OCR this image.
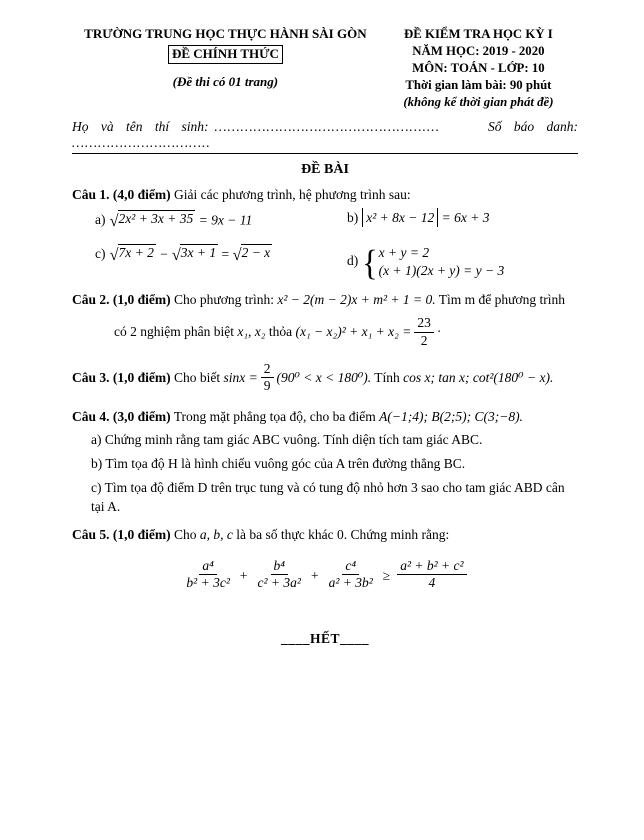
TRƯỜNG TRUNG HỌC THỰC HÀNH SÀI GÒN
ĐỀ CHÍNH THỨC
(Đề thi có 01 trang)
ĐỀ KIỂM TRA HỌC KỲ I
NĂM HỌC: 2019 - 2020
MÔN: TOÁN - LỚP: 10
Thời gian làm bài: 90 phút
(không kể thời gian phát đề)
Họ và tên thí sinh: …………………………………………....	Số báo danh:
…………………………..
ĐỀ BÀI
Câu 1. (4,0 điểm) Giải các phương trình, hệ phương trình sau:
a) √ 2x² + 3x + 35 = 9x − 11	b) x² + 8x − 12 = 6x + 3
c) √ 7x + 2 − √ 3x + 1 = √ 2 − x
d) { x + y = 2
(x + 1)(2x + y) = y − 3
Câu 2. (1,0 điểm) Cho phương trình: x² − 2(m − 2)x + m² + 1 = 0. Tìm m để phương trình
có 2 nghiệm phân biệt x₁, x₂ thỏa $(x_1 - x_2)^2 + x_1 + x_2 = \frac{23}{2}$ ·
Câu 3. (1,0 điểm) Cho biết $\sin x = \frac{2}{9} (90^0 < x < 180^0)$. Tính cos x; tan x; cot²(180⁰ − x).
Câu 4. (3,0 điểm) Trong mặt phẳng tọa độ, cho ba điểm A(−1;4); B(2;5); C(3;−8).
a) Chứng minh rằng tam giác ABC vuông. Tính diện tích tam giác ABC.
b) Tìm tọa độ H là hình chiếu vuông góc của A trên đường thẳng BC.
c) Tìm tọa độ điểm D trên trục tung và có tung độ nhỏ hơn 3 sao cho tam giác ABD cân
tại A.
Câu 5. (1,0 điểm) Cho a, b, c là ba số thực khác 0. Chứng minh rằng:
$\frac{\text{a⁴}}{\text{b² + 3c²}} + \frac{\text{b⁴}}{\text{c² + 3a²}} + \frac{\text{c⁴}}{\text{a² + 3b²}} \ge \frac{\text{a² + b² + c²}}{4}$
____HẾT____
